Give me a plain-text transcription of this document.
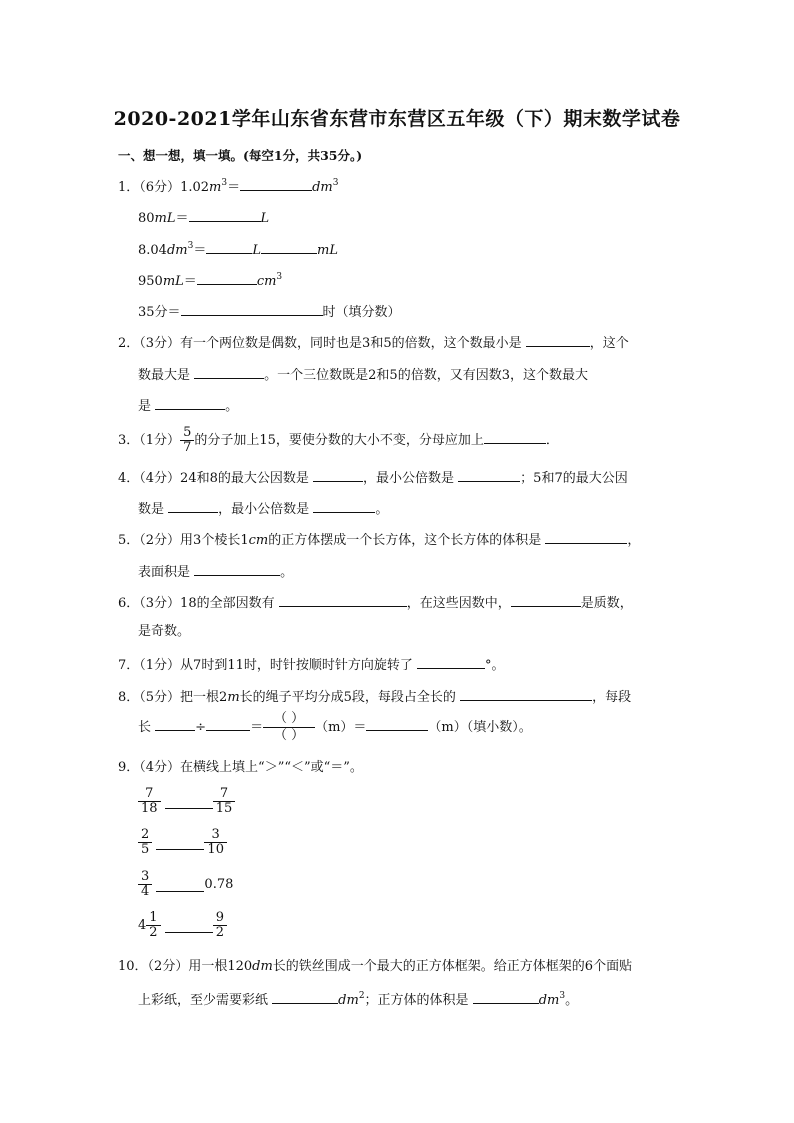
2020-2021学年山东省东营市东营区五年级（下）期末数学试卷
一、想一想，填一填。(每空1分，共35分。)
1．（6分）$1.02m^3=$	$dm^3$
80mL＝	L
$8.04dm^3=$	L	mL
950mL＝	$cm^3$
35分＝	时（填分数）
2．（3分）有一个两位数是偶数，同时也是3和5的倍数，这个数最小是	，这个
数最大是	。一个三位数既是2和5的倍数，又有因数3，这个数最大
是	。
3．（1分） $\frac{5}{7}$ 的分子加上15，要使分数的大小不变，分母应加上	．
4．（4分）24和8的最大公因数是	，最小公倍数是	；5和7的最大公因
数是	，最小公倍数是	。
5．（2分）用3个棱长1cm的正方体摆成一个长方体，这个长方体的体积是	，
表面积是	。
6．（3分）18的全部因数有	，在这些因数中，	是质数，
是奇数。
7．（1分）从7时到11时，时针按顺时针方向旋转了	°。
8．（5分）把一根2m长的绳子平均分成5段，每段占全长的	，每段
长	÷	＝ $\frac{( )}{( )}(m)=$	（m）（填小数）。
9．（4分）在横线上填上“＞”“＜”或“＝”。
$\frac{7}{18}$
	$\frac{7}{15}$
$\frac{2}{5}$
	$\frac{3}{10}$
$\frac{3}{4}$	0.78
$4 \frac{1}{2}$
	$\frac{9}{2}$
10．（2分）用一根120dm长的铁丝围成一个最大的正方体框架。给正方体框架的6个面贴
上彩纸，至少需要彩纸	$dm^2$；正方体的体积是	$dm^3$。
